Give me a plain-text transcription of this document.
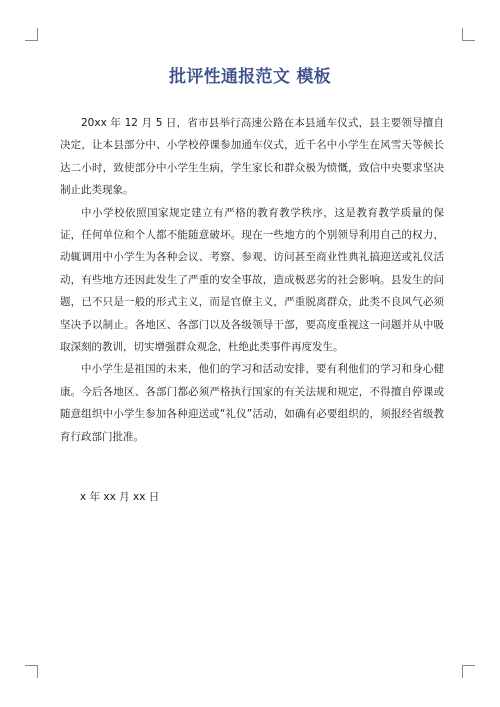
批评性通报范文 模板

20xx 年 12 月 5 日，省市县举行高速公路在本县通车仪式，县主要领导擅自决定，让本县部分中、小学校停课参加通车仪式，近千名中小学生在风雪天等候长达二小时，致使部分中小学生生病，学生家长和群众极为愤慨，致信中央要求坚决制止此类现象。

中小学校依照国家规定建立有严格的教育教学秩序，这是教育教学质量的保证，任何单位和个人都不能随意破坏。现在一些地方的个别领导利用自己的权力，动辄调用中小学生为各种会议、考察、参观、访问甚至商业性典礼搞迎送或礼仪活动，有些地方还因此发生了严重的安全事故，造成极恶劣的社会影响。县发生的问题，已不只是一般的形式主义，而是官僚主义，严重脱离群众，此类不良风气必须坚决予以制止。各地区、各部门以及各级领导干部，要高度重视这一问题并从中吸取深刻的教训，切实增强群众观念，杜绝此类事件再度发生。

中小学生是祖国的未来，他们的学习和活动安排，要有利他们的学习和身心健康。今后各地区、各部门都必须严格执行国家的有关法规和规定，不得擅自停课或随意组织中小学生参加各种迎送或“礼仪”活动，如确有必要组织的，须报经省级教育行政部门批准。

x 年 xx 月 xx 日
